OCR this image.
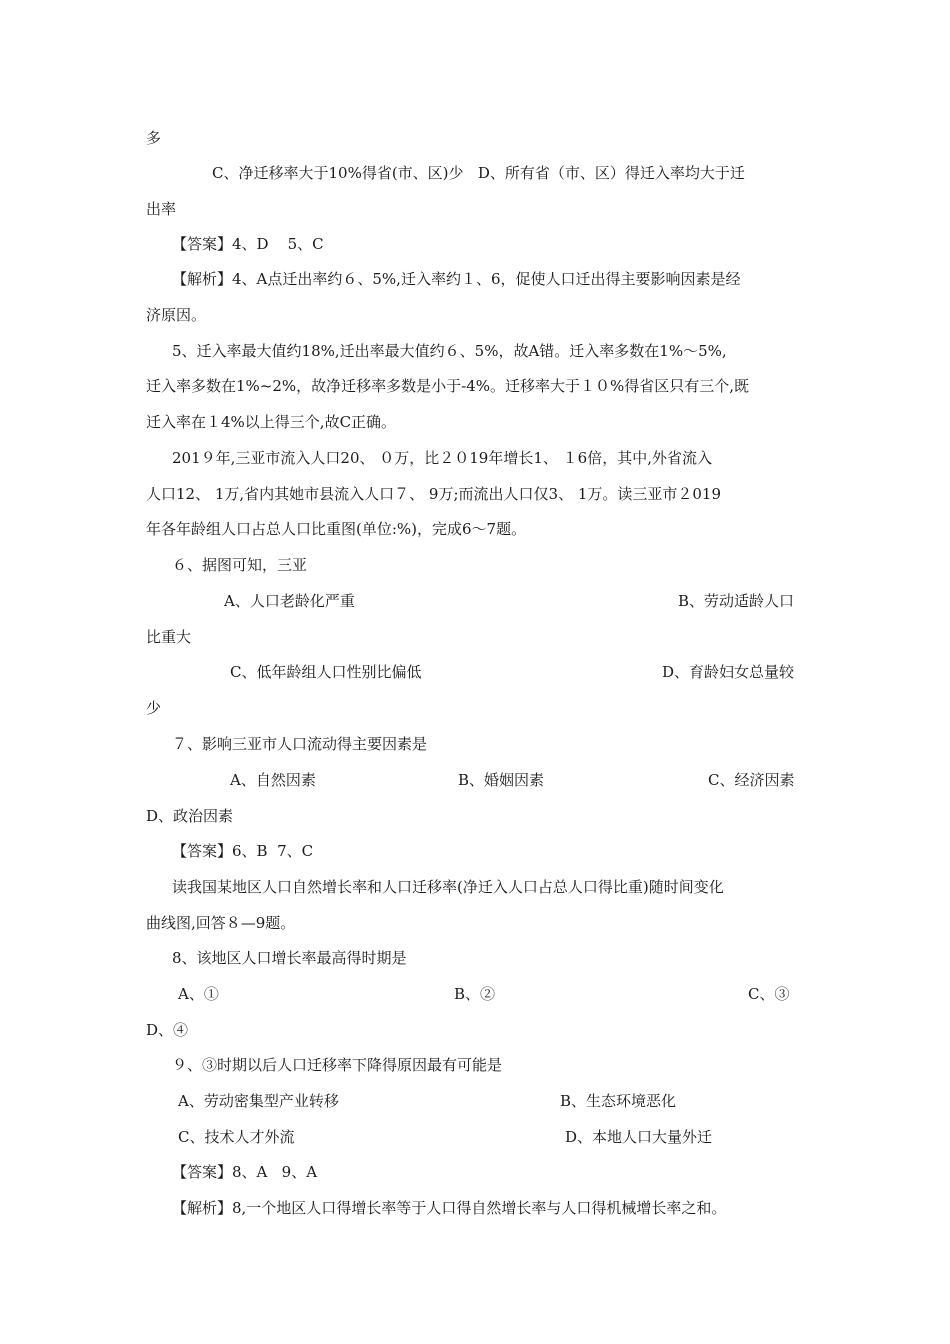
多
C、净迁移率大于10%得省(市、区)少   D、所有省（市、区）得迁入率均大于迁
出率
【答案】4、D    5、C
【解析】4、A点迁出率约６、5%,迁入率约１、6，促使人口迁出得主要影响因素是经
济原因。
5、迁入率最大值约18%,迁出率最大值约６、5%，故A错。迁入率多数在1%～5%,
迁入率多数在1%~2%，故净迁移率多数是小于-4%。迁移率大于１０%得省区只有三个,既
迁入率在１4%以上得三个,故C正确。
201９年,三亚市流入人口20、 ０万，比２０19年增长1、 １6倍，其中,外省流入
人口12、 1万,省内其她市县流入人口７、 9万;而流出人口仅3、 1万。读三亚市２019
年各年龄组人口占总人口比重图(单位:%)，完成6～7题。
６、据图可知，三亚
A、人口老龄化严重	B、劳动适龄人口
比重大
C、低年龄组人口性别比偏低	D、育龄妇女总量较
少
７、影响三亚市人口流动得主要因素是
A、自然因素	B、婚姻因素	C、经济因素
D、政治因素
【答案】6、B  7、C
读我国某地区人口自然增长率和人口迁移率(净迁入人口占总人口得比重)随时间变化
曲线图,回答８—9题。
8、该地区人口增长率最高得时期是
A、①	B、②	C、③
D、④
９、③时期以后人口迁移率下降得原因最有可能是
A、劳动密集型产业转移	B、生态环境恶化
C、技术人才外流	D、本地人口大量外迁
【答案】8、A   9、A
【解析】8,一个地区人口得增长率等于人口得自然增长率与人口得机械增长率之和。
